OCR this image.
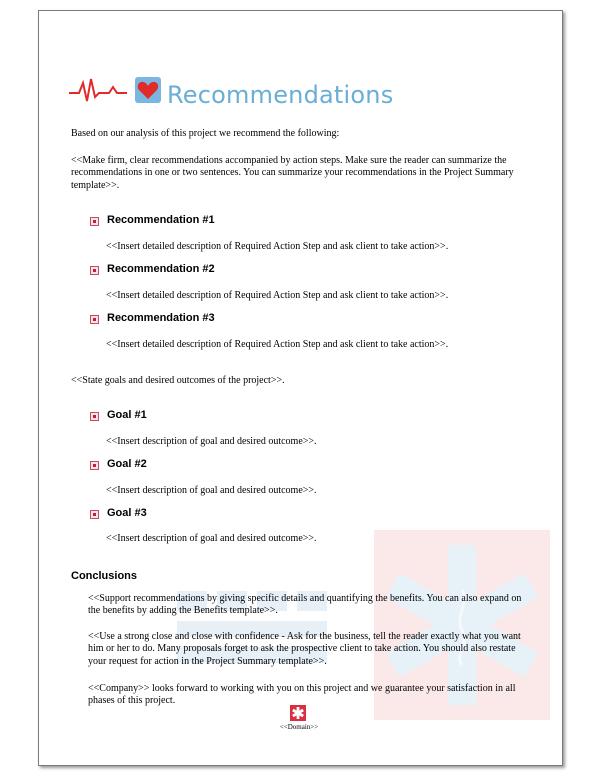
Recommendations
Based on our analysis of this project we recommend the following:
<<Make firm, clear recommendations accompanied by action steps. Make sure the reader can summarize the recommendations in one or two sentences. You can summarize your recommendations in the Project Summary template>>.
Recommendation #1
<<Insert detailed description of Required Action Step and ask client to take action>>.
Recommendation #2
<<Insert detailed description of Required Action Step and ask client to take action>>.
Recommendation #3
<<Insert detailed description of Required Action Step and ask client to take action>>.
<<State goals and desired outcomes of the project>>.
Goal #1
<<Insert description of goal and desired outcome>>.
Goal #2
<<Insert description of goal and desired outcome>>.
Goal #3
<<Insert description of goal and desired outcome>>.
Conclusions
<<Support recommendations by giving specific details and quantifying the benefits. You can also expand on the benefits by adding the Benefits template>>.
<<Use a strong close and close with confidence - Ask for the business, tell the reader exactly what you want him or her to do. Many proposals forget to ask the prospective client to take action. You should also restate your request for action in the Project Summary template>>.
<<Company>> looks forward to working with you on this project and we guarantee your satisfaction in all phases of this project.
<<Domain>>
